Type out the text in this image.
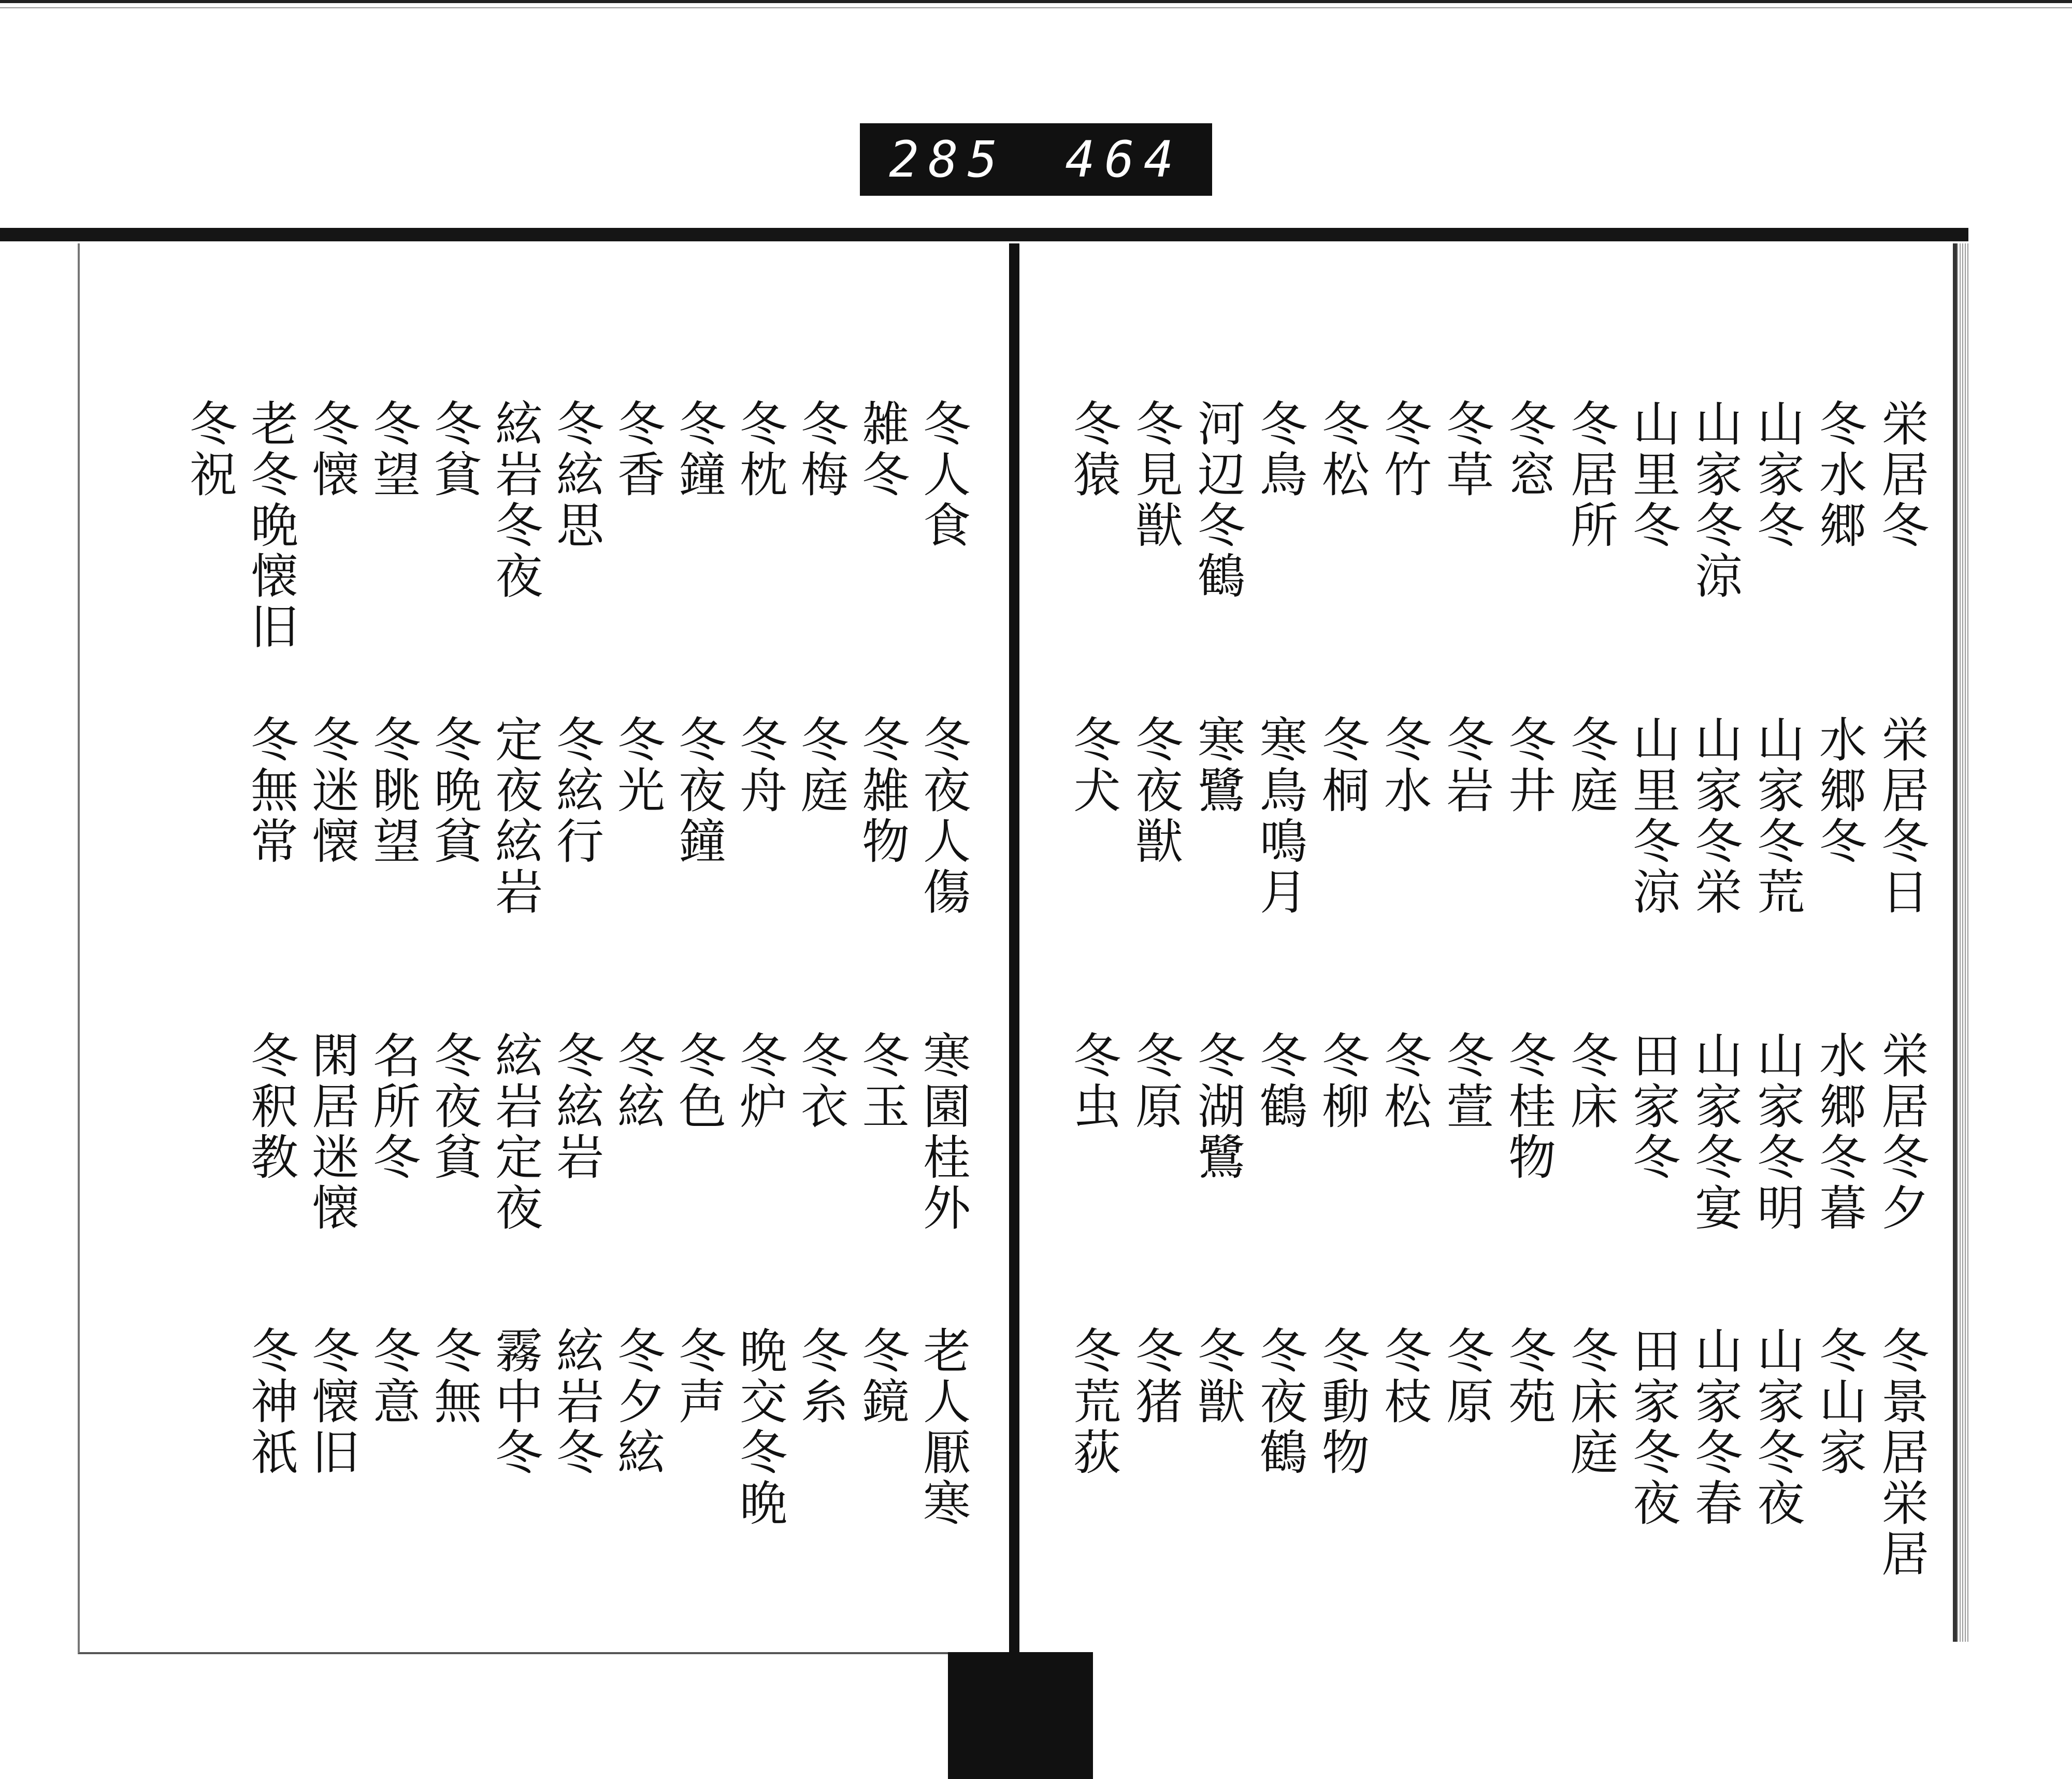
285 464
栄居冬
冬水郷
山家冬
山家冬涼
山里冬
冬居所
冬窓
冬草
冬竹
冬松
冬鳥
河辺冬鶴
冬見獣
冬猿
栄居冬日
水郷冬
山家冬荒
山家冬栄
山里冬涼
冬庭
冬井
冬岩
冬水
冬桐
寒鳥鳴月
寒鷺
冬夜獣
冬犬
栄居冬夕
水郷冬暮
山家冬明
山家冬宴
田家冬
冬床
冬桂物
冬萱
冬松
冬柳
冬鶴
冬湖鷺
冬原
冬虫
冬景居栄居
冬山家
山家冬夜
山家冬春
田家冬夜
冬床庭
冬苑
冬原
冬枝
冬動物
冬夜鶴
冬獣
冬猪
冬荒荻
冬人食
雑冬
冬梅
冬枕
冬鐘
冬香
冬絃思
絃岩冬夜
冬貧
冬望
冬懐
老冬晩懐旧
冬祝
冬夜人傷
冬雑物
冬庭
冬舟
冬夜鐘
冬光
冬絃行
定夜絃岩
冬晩貧
冬眺望
冬迷懐
冬無常
寒園桂外
冬玉
冬衣
冬炉
冬色
冬絃
冬絃岩
絃岩定夜
冬夜貧
名所冬
閑居迷懐
冬釈教
老人厭寒
冬鏡
冬糸
晩交冬晩
冬声
冬夕絃
絃岩冬
霧中冬
冬無
冬意
冬懐旧
冬神祇
